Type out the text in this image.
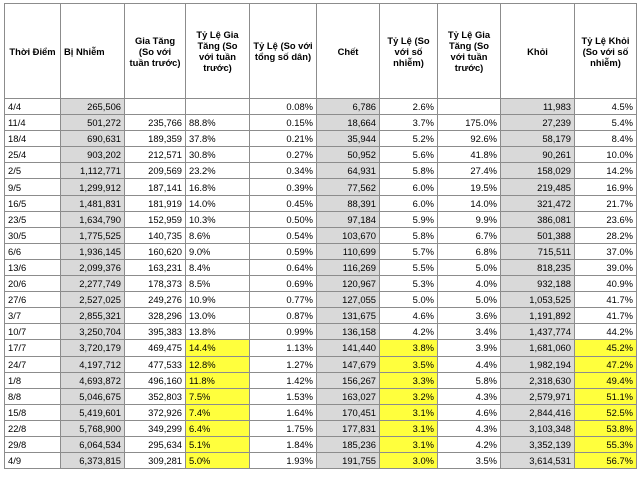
Thời Điểm	Bị Nhiễm	Gia Tăng (So với tuần trước)	Tỷ Lệ Gia Tăng (So với tuần trước)	Tỷ Lệ (So với tổng số dân)	Chết	Tỷ Lệ (So với số nhiễm)	Tỷ Lệ Gia Tăng (So với tuần trước)	Khỏi	Tỷ Lệ Khỏi (So với số nhiễm)
4/4	265,506			0.08%	6,786	2.6%		11,983	4.5%
11/4	501,272	235,766	88.8%	0.15%	18,664	3.7%	175.0%	27,239	5.4%
18/4	690,631	189,359	37.8%	0.21%	35,944	5.2%	92.6%	58,179	8.4%
25/4	903,202	212,571	30.8%	0.27%	50,952	5.6%	41.8%	90,261	10.0%
2/5	1,112,771	209,569	23.2%	0.34%	64,931	5.8%	27.4%	158,029	14.2%
9/5	1,299,912	187,141	16.8%	0.39%	77,562	6.0%	19.5%	219,485	16.9%
16/5	1,481,831	181,919	14.0%	0.45%	88,391	6.0%	14.0%	321,472	21.7%
23/5	1,634,790	152,959	10.3%	0.50%	97,184	5.9%	9.9%	386,081	23.6%
30/5	1,775,525	140,735	8.6%	0.54%	103,670	5.8%	6.7%	501,388	28.2%
6/6	1,936,145	160,620	9.0%	0.59%	110,699	5.7%	6.8%	715,511	37.0%
13/6	2,099,376	163,231	8.4%	0.64%	116,269	5.5%	5.0%	818,235	39.0%
20/6	2,277,749	178,373	8.5%	0.69%	120,967	5.3%	4.0%	932,188	40.9%
27/6	2,527,025	249,276	10.9%	0.77%	127,055	5.0%	5.0%	1,053,525	41.7%
3/7	2,855,321	328,296	13.0%	0.87%	131,675	4.6%	3.6%	1,191,892	41.7%
10/7	3,250,704	395,383	13.8%	0.99%	136,158	4.2%	3.4%	1,437,774	44.2%
17/7	3,720,179	469,475	14.4%	1.13%	141,440	3.8%	3.9%	1,681,060	45.2%
24/7	4,197,712	477,533	12.8%	1.27%	147,679	3.5%	4.4%	1,982,194	47.2%
1/8	4,693,872	496,160	11.8%	1.42%	156,267	3.3%	5.8%	2,318,630	49.4%
8/8	5,046,675	352,803	7.5%	1.53%	163,027	3.2%	4.3%	2,579,971	51.1%
15/8	5,419,601	372,926	7.4%	1.64%	170,451	3.1%	4.6%	2,844,416	52.5%
22/8	5,768,900	349,299	6.4%	1.75%	177,831	3.1%	4.3%	3,103,348	53.8%
29/8	6,064,534	295,634	5.1%	1.84%	185,236	3.1%	4.2%	3,352,139	55.3%
4/9	6,373,815	309,281	5.0%	1.93%	191,755	3.0%	3.5%	3,614,531	56.7%
